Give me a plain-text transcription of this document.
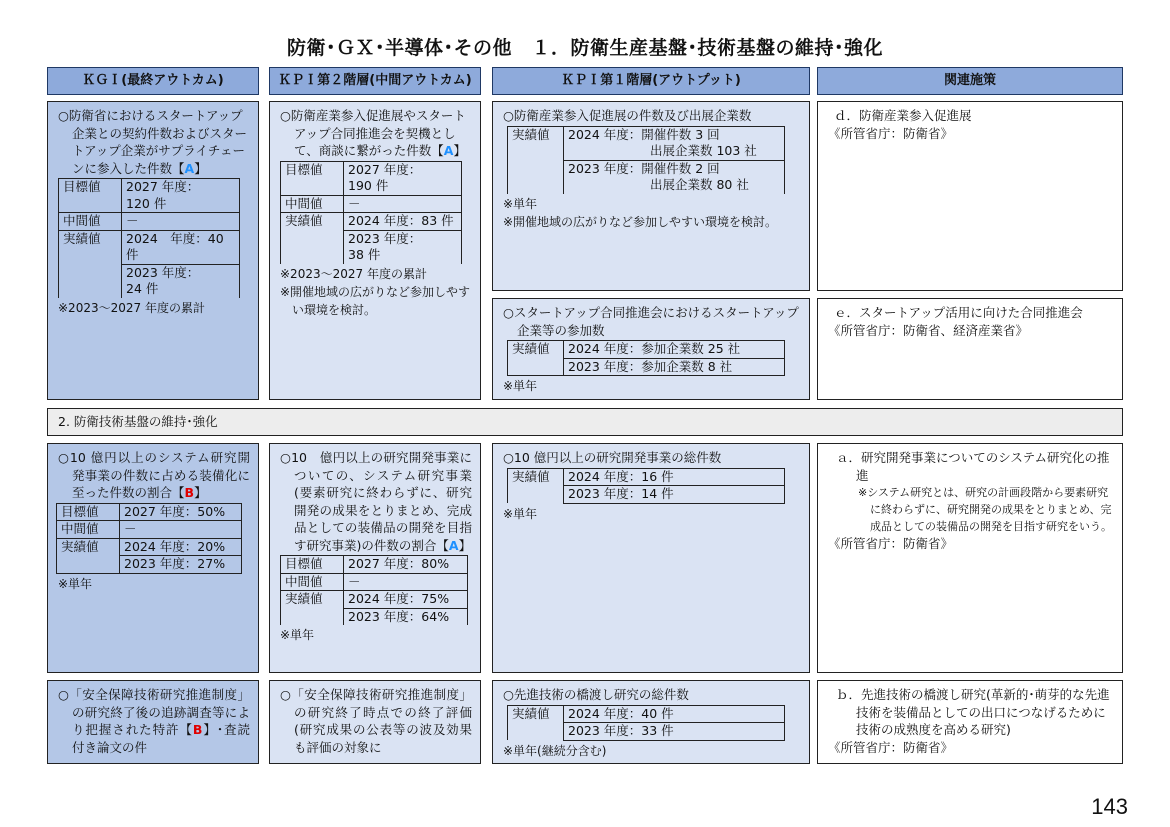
防衛･ＧＸ･半導体･その他　１．防衛生産基盤･技術基盤の維持･強化
ＫＧＩ(最終アウトカム)	ＫＰＩ第２階層(中間アウトカム)	ＫＰＩ第１階層(アウトプット)	関連施策

○防衛省におけるスタートアップ企業との契約件数およびスタートアップ企業がサプライチェーンに参入した件数【A】

目標値	2027 年度：
120 件
中間値	－
実績値	2024　年度：40 件
	2023 年度：
24 件

※2023～2027 年度の累計

○防衛産業参入促進展やスタートアップ合同推進会を契機として、商談に繋がった件数【A】

目標値	2027 年度：
190 件
中間値	－
実績値	2024 年度：83 件
	2023 年度：
38 件

※2023～2027 年度の累計

※開催地域の広がりなど参加しやすい環境を検討。

○防衛産業参入促進展の件数及び出展企業数

実績値	2024 年度：開催件数 3 回
出展企業数 103 社

2023 年度：開催件数 2 回
出展企業数 80 社

※単年

※開催地域の広がりなど参加しやすい環境を検討。

○スタートアップ合同推進会におけるスタートアップ企業等の参加数

実績値	2024 年度：参加企業数 25 社
2023 年度：参加企業数 8 社

※単年

ｄ．防衛産業参入促進展
《所管省庁：防衛省》
ｅ．スタートアップ活用に向けた合同推進会
《所管省庁：防衛省、経済産業省》
2. 防衛技術基盤の維持･強化

○10 億円以上のシステム研究開発事業の件数に占める装備化に至った件数の割合【B】

目標値	2027 年度：50%
中間値	－
実績値	2024 年度：20%
	2023 年度：27%

※単年

○10　億円以上の研究開発事業についての、システム研究事業(要素研究に終わらずに、研究開発の成果をとりまとめ、完成品としての装備品の開発を目指す研究事業)の件数の割合【A】

目標値	2027 年度：80%
中間値	－
実績値	2024 年度：75%
	2023 年度：64%

※単年

○10 億円以上の研究開発事業の総件数

実績値	2024 年度：16 件
2023 年度：14 件

※単年

ａ．研究開発事業についてのシステム研究化の推進
※システム研究とは、研究の計画段階から要素研究に終わらずに、研究開発の成果をとりまとめ、完成品としての装備品の開発を目指す研究をいう。
《所管省庁：防衛省》

○「安全保障技術研究推進制度」の研究終了後の追跡調査等により把握された特許【B】･査読付き論文の件

○「安全保障技術研究推進制度」の研究終了時点での終了評価(研究成果の公表等の波及効果も評価の対象に

○先進技術の橋渡し研究の総件数

実績値	2024 年度：40 件
2023 年度：33 件

※単年(継続分含む)

ｂ．先進技術の橋渡し研究(革新的･萌芽的な先進技術を装備品としての出口につなげるために技術の成熟度を高める研究)
《所管省庁：防衛省》
143
